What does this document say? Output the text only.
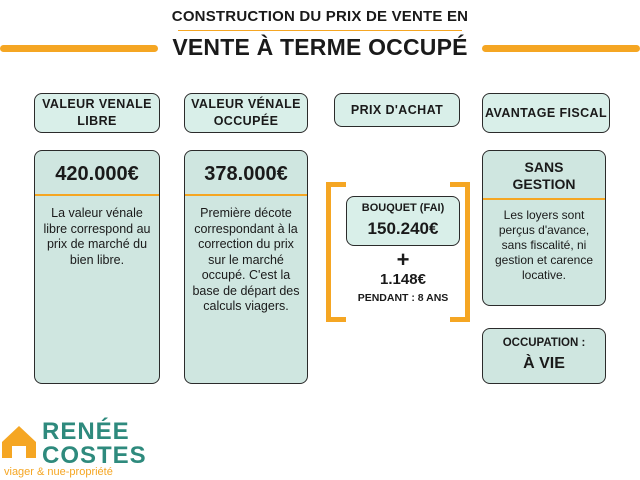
CONSTRUCTION DU PRIX DE VENTE EN
VENTE À TERME OCCUPÉ
VALEUR VENALE LIBRE
VALEUR VÉNALE OCCUPÉE
PRIX D'ACHAT	AVANTAGE FISCAL
420.000€
La valeur vénale libre correspond au prix de marché du bien libre.
378.000€
Première décote correspondant à la correction du prix sur le marché occupé. C'est la base de départ des calculs viagers.
BOUQUET (FAI)
150.240€
+
1.148€
PENDANT : 8 ANS
SANS GESTION
Les loyers sont perçus d'avance, sans fiscalité, ni gestion et carence locative.
OCCUPATION :
À VIE
RENÉE
COSTES
viager & nue-propriété
